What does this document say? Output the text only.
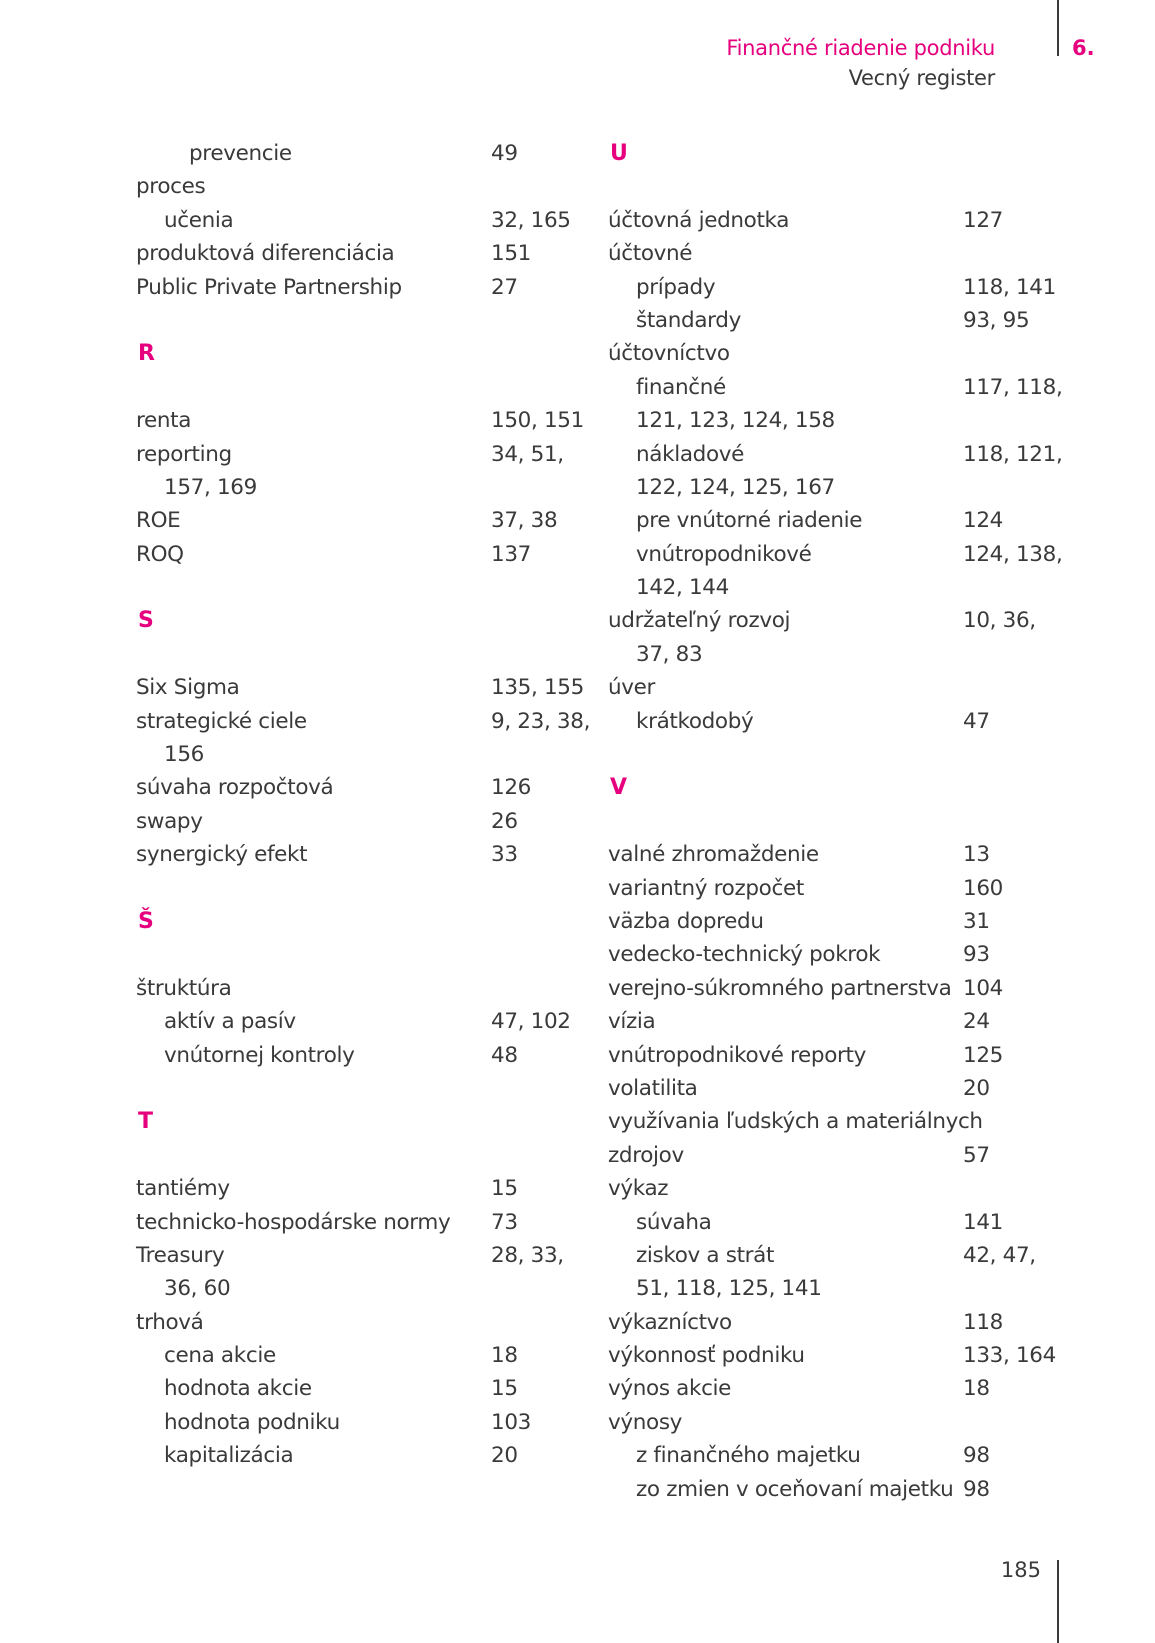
Finančné riadenie podniku
Vecný register
6.
prevencie	49
proces
učenia	32, 165
produktová diferenciácia	151
Public Private Partnership	27
R
renta	150, 151
reporting	34, 51,
157, 169
ROE	37, 38
ROQ	137
S
Six Sigma	135, 155
strategické ciele	9, 23, 38,
156
súvaha rozpočtová	126
swapy	26
synergický efekt	33
Š
štruktúra
aktív a pasív	47, 102
vnútornej kontroly	48
T
tantiémy	15
technicko-hospodárske normy 73
Treasury	28, 33,
36, 60
trhová
cena akcie	18
hodnota akcie	15
hodnota podniku	103
kapitalizácia	20
U
účtovná jednotka	127
účtovné
prípady	118, 141
štandardy	93, 95
účtovníctvo
finančné	117, 118,
121, 123, 124, 158
nákladové	118, 121,
122, 124, 125, 167
pre vnútorné riadenie	124
vnútropodnikové	124, 138,
142, 144
udržateľný rozvoj	10, 36,
37, 83
úver
krátkodobý	47
V
valné zhromaždenie	13
variantný rozpočet	160
väzba dopredu	31
vedecko-technický pokrok	93
verejno-súkromného partnerstva 104
vízia	24
vnútropodnikové reporty	125
volatilita	20
využívania ľudských a materiálnych
zdrojov	57
výkaz
súvaha	141
ziskov a strát	42, 47,
51, 118, 125, 141
výkazníctvo	118
výkonnosť podniku	133, 164
výnos akcie	18
výnosy
z finančného majetku	98
zo zmien v oceňovaní majetku 98
185
